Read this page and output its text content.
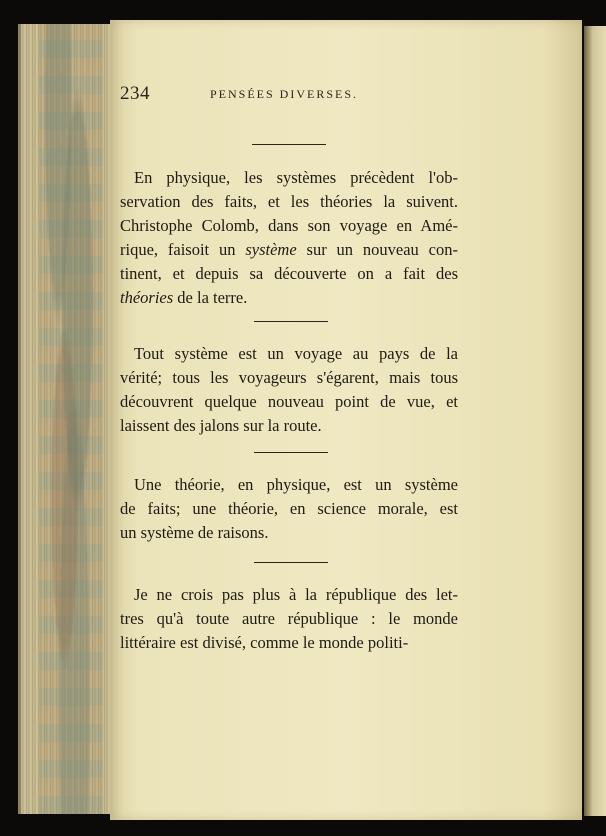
234	PENSÉES DIVERSES.
En physique, les systèmes précèdent l'ob-
servation des faits, et les théories la suivent.
Christophe Colomb, dans son voyage en Amé-
rique, faisoit un système sur un nouveau con-
tinent, et depuis sa découverte on a fait des
théories de la terre.
Tout système est un voyage au pays de la
vérité; tous les voyageurs s'égarent, mais tous
découvrent quelque nouveau point de vue, et
laissent des jalons sur la route.
Une théorie, en physique, est un système
de faits; une théorie, en science morale, est
un système de raisons.
Je ne crois pas plus à la république des let-
tres qu'à toute autre république : le monde
littéraire est divisé, comme le monde politi-
